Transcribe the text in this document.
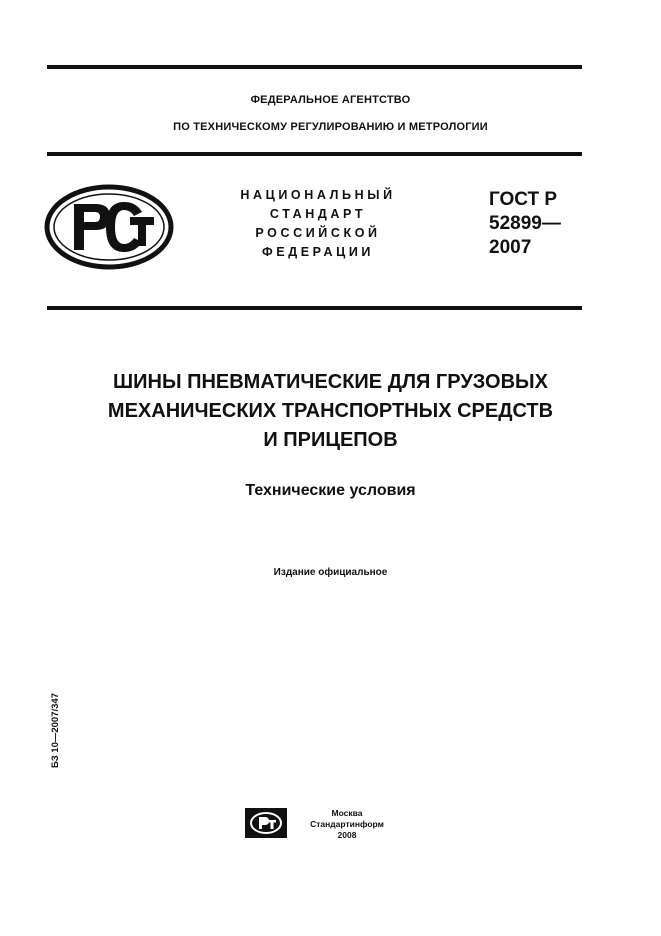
ФЕДЕРАЛЬНОЕ АГЕНТСТВО
ПО ТЕХНИЧЕСКОМУ РЕГУЛИРОВАНИЮ И МЕТРОЛОГИИ
НАЦИОНАЛЬНЫЙ
СТАНДАРТ
РОССИЙСКОЙ
ФЕДЕРАЦИИ
ГОСТ Р
52899—
2007
ШИНЫ ПНЕВМАТИЧЕСКИЕ ДЛЯ ГРУЗОВЫХ
МЕХАНИЧЕСКИХ ТРАНСПОРТНЫХ СРЕДСТВ
И ПРИЦЕПОВ
Технические условия
Издание официальное
БЗ 10—2007/347
Москва
Стандартинформ
2008
